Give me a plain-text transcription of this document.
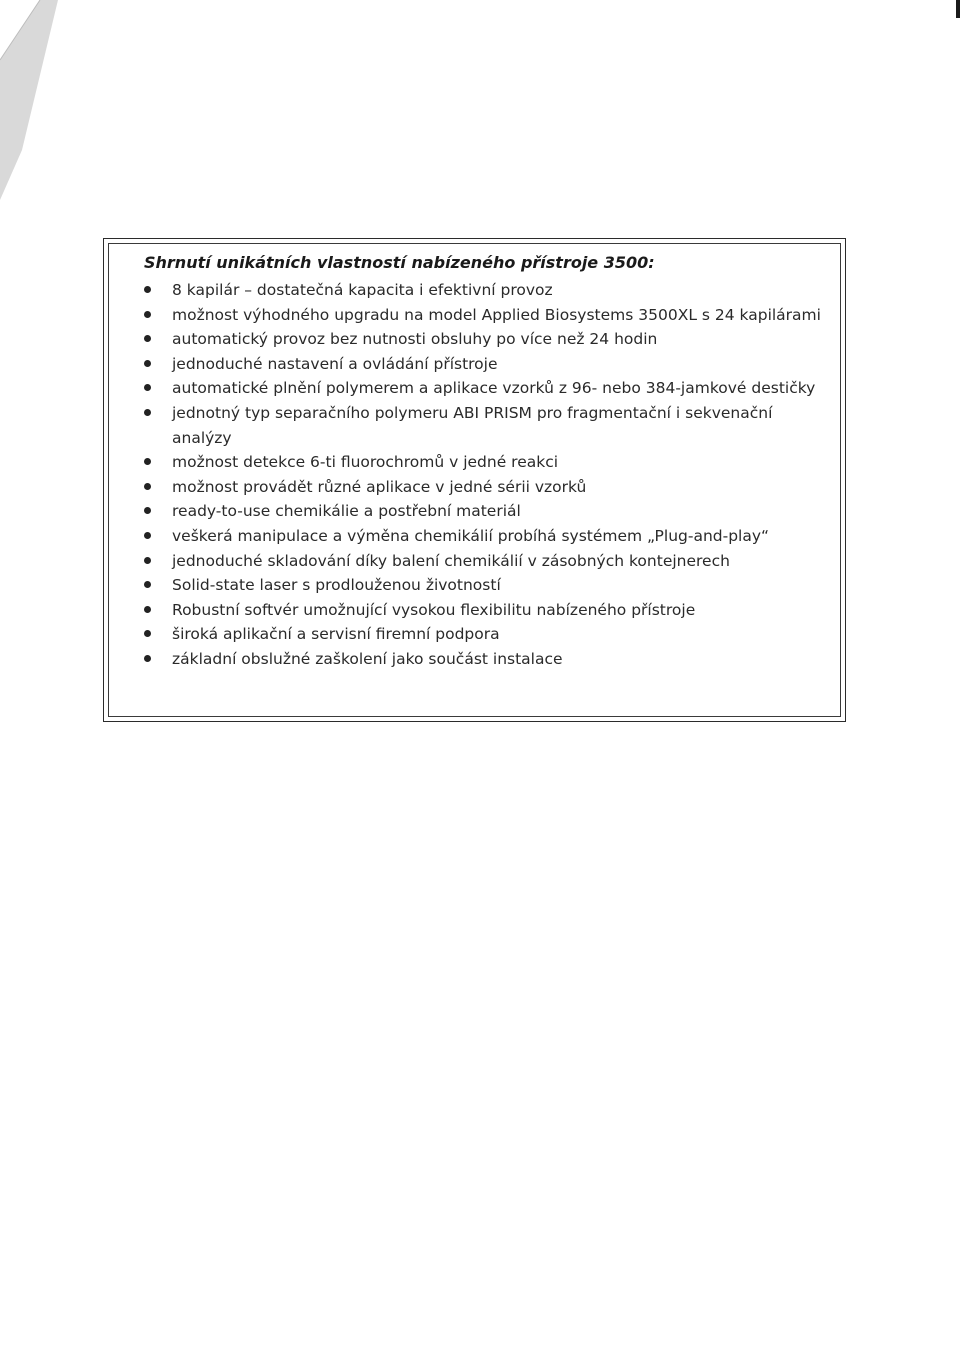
Shrnutí unikátních vlastností nabízeného přístroje 3500:
8 kapilár – dostatečná kapacita i efektivní provoz
možnost výhodného upgradu na model Applied Biosystems 3500XL s 24 kapilárami
automatický provoz bez nutnosti obsluhy po více než 24 hodin
jednoduché nastavení a ovládání přístroje
automatické plnění polymerem a aplikace vzorků z 96- nebo 384-jamkové destičky
jednotný typ separačního polymeru ABI PRISM pro fragmentační i sekvenační analýzy
možnost detekce 6-ti fluorochromů v jedné reakci
možnost provádět různé aplikace v jedné sérii vzorků
ready-to-use chemikálie a postřební materiál
veškerá manipulace a výměna chemikálií probíhá systémem „Plug-and-play“
jednoduché skladování díky balení chemikálií v zásobných kontejnerech
Solid-state laser s prodlouženou životností
Robustní softvér umožnující vysokou flexibilitu nabízeného přístroje
široká aplikační a servisní firemní podpora
základní obslužné zaškolení jako součást instalace
